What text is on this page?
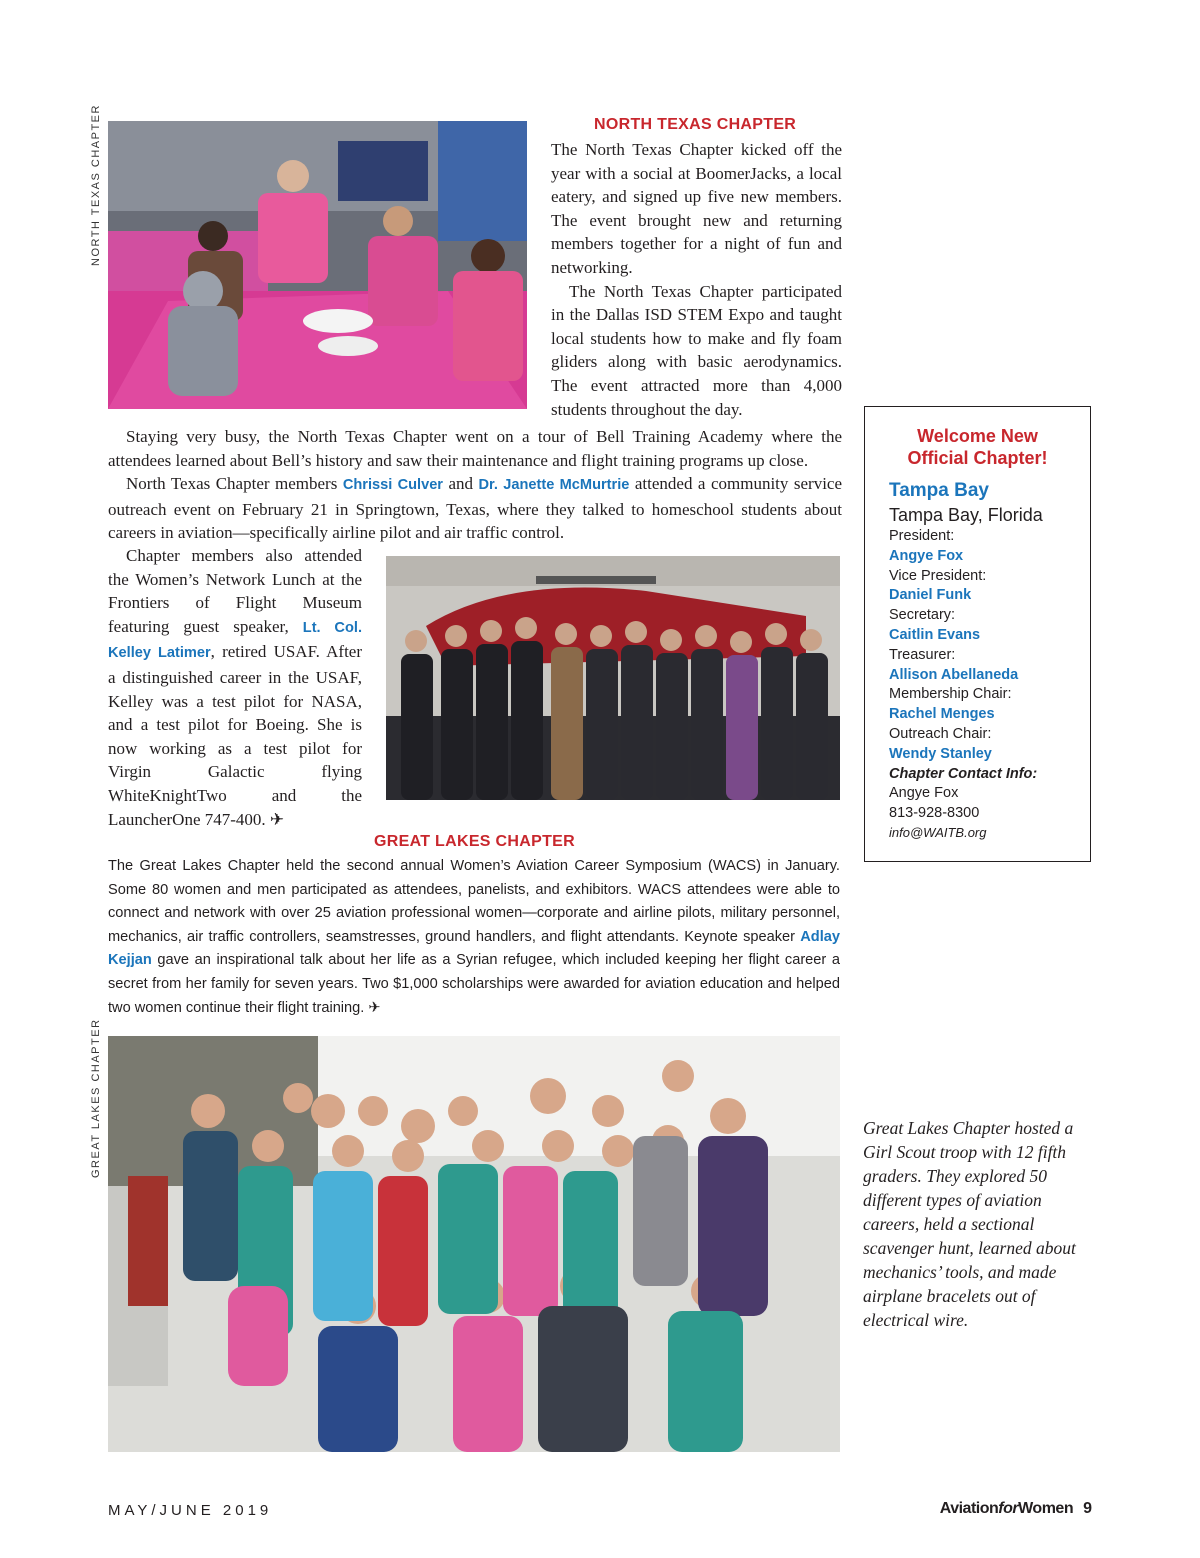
NORTH TEXAS CHAPTER
GREAT LAKES CHAPTER
NORTH TEXAS CHAPTER

The North Texas Chapter kicked off the year with a social at BoomerJacks, a local eatery, and signed up five new members. The event brought new and returning members together for a night of fun and networking.

The North Texas Chapter participated in the Dallas ISD STEM Expo and taught local students how to make and fly foam gliders along with basic aerodynamics. The event attracted more than 4,000 students throughout the day.

Staying very busy, the North Texas Chapter went on a tour of Bell Training Academy where the attendees learned about Bell’s history and saw their maintenance and flight training programs up close.

North Texas Chapter members Chrissi Culver and Dr. Janette McMurtrie attended a community service outreach event on February 21 in Springtown, Texas, where they talked to homeschool students about careers in aviation—specifically airline pilot and air traffic control.

Chapter members also attended the Women’s Network Lunch at the Frontiers of Flight Museum featuring guest speaker, Lt. Col. Kelley Latimer, retired USAF. After a distinguished career in the USAF, Kelley was a test pilot for NASA, and a test pilot for Boeing. She is now working as a test pilot for Virgin Galactic flying WhiteKnightTwo and the LauncherOne 747-400. ✈

Welcome New
Official Chapter!
Tampa Bay
Tampa Bay, Florida
President:
Angye Fox
Vice President:
Daniel Funk
Secretary:
Caitlin Evans
Treasurer:
Allison Abellaneda
Membership Chair:
Rachel Menges
Outreach Chair:
Wendy Stanley
Chapter Contact Info:
Angye Fox
813-928-8300
info@WAITB.org
GREAT LAKES CHAPTER

The Great Lakes Chapter held the second annual Women’s Aviation Career Symposium (WACS) in January. Some 80 women and men participated as attendees, panelists, and exhibitors. WACS attendees were able to connect and network with over 25 aviation professional women—corporate and airline pilots, military personnel, mechanics, air traffic controllers, seamstresses, ground handlers, and flight attendants. Keynote speaker Adlay Kejjan gave an inspirational talk about her life as a Syrian refugee, which included keeping her flight career a secret from her family for seven years. Two $1,000 scholarships were awarded for aviation education and helped two women continue their flight training. ✈

Great Lakes Chapter hosted a Girl Scout troop with 12 fifth graders. They explored 50 different types of aviation careers, held a sectional scavenger hunt, learned about mechanics’ tools, and made airplane bracelets out of electrical wire.
MAY/JUNE 2019	AviationforWomen 9
